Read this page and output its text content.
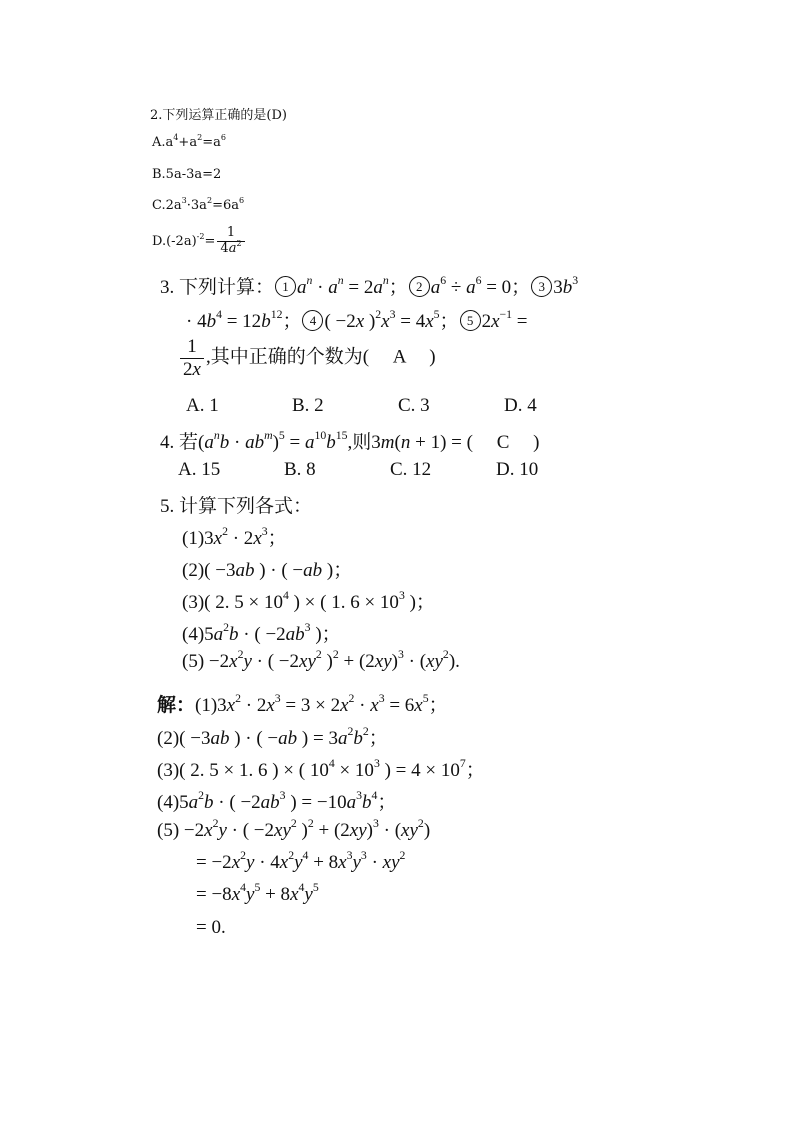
2.下列运算正确的是(D)
$A.a^4+a^2=a^6$
B.5a-3a=2
$C.2a^3\cdot 3a^2=6a^6$
$D.(-2a)^{-2}= \frac{1}{4a^2}$
3. 下列计算： 1 $a^n \cdot a^n = 2a^n$； 2 $a^6 \div a^6 = 0$； 3 $3b^3$
· $4b^4 = 12b^{12}$； 4 ( −2x )$^2x^3 = 4x^5$； 5 $2x^{-1}$ =
$\frac{1}{2x}$ ,其中正确的个数为(　 A 　)
A. 1	B. 2	C. 3	D. 4
4. 若$(a^nb \cdot ab^m)^5 = a^{10}b^{15}$,则3m(n + 1) = (　 C 　)
A. 15	B. 8	C. 12	D. 10
5. 计算下列各式：
$(1)3x^2 \cdot 2x^3$；
(2)( −3ab ) · ( −ab )；
(3)( 2. $5 \times 10^4$ ) × ( 1. $6 \times 10^3$ )；
$(4)5a^2b$ · ( $-2ab^3$ )；
$(5) -2x^2y$ · ( $-2xy^2$ )$^2 + (2xy)^3 \cdot (xy^2)$.
解：$(1)3x^2 \cdot 2x^3 = 3 \times 2x^2 \cdot x^3 = 6x^5$；
(2)( −3ab ) · ( −ab ) = $3a^2b^2$；
(3)( 2. 5 × 1. 6 ) × ( $10^4 \times 10^3$ ) = $4 \times 10^7$；
$(4)5a^2b$ · ( $-2ab^3$ ) = $-10a^3b^4$；
$(5) -2x^2y$ · ( $-2xy^2$ )$^2 + (2xy)^3 \cdot (xy^2)$
= $-2x^2y \cdot 4x^2y^4 + 8x^3y^3 \cdot xy^2$
= $-8x^4y^5 + 8x^4y^5$
= 0.
